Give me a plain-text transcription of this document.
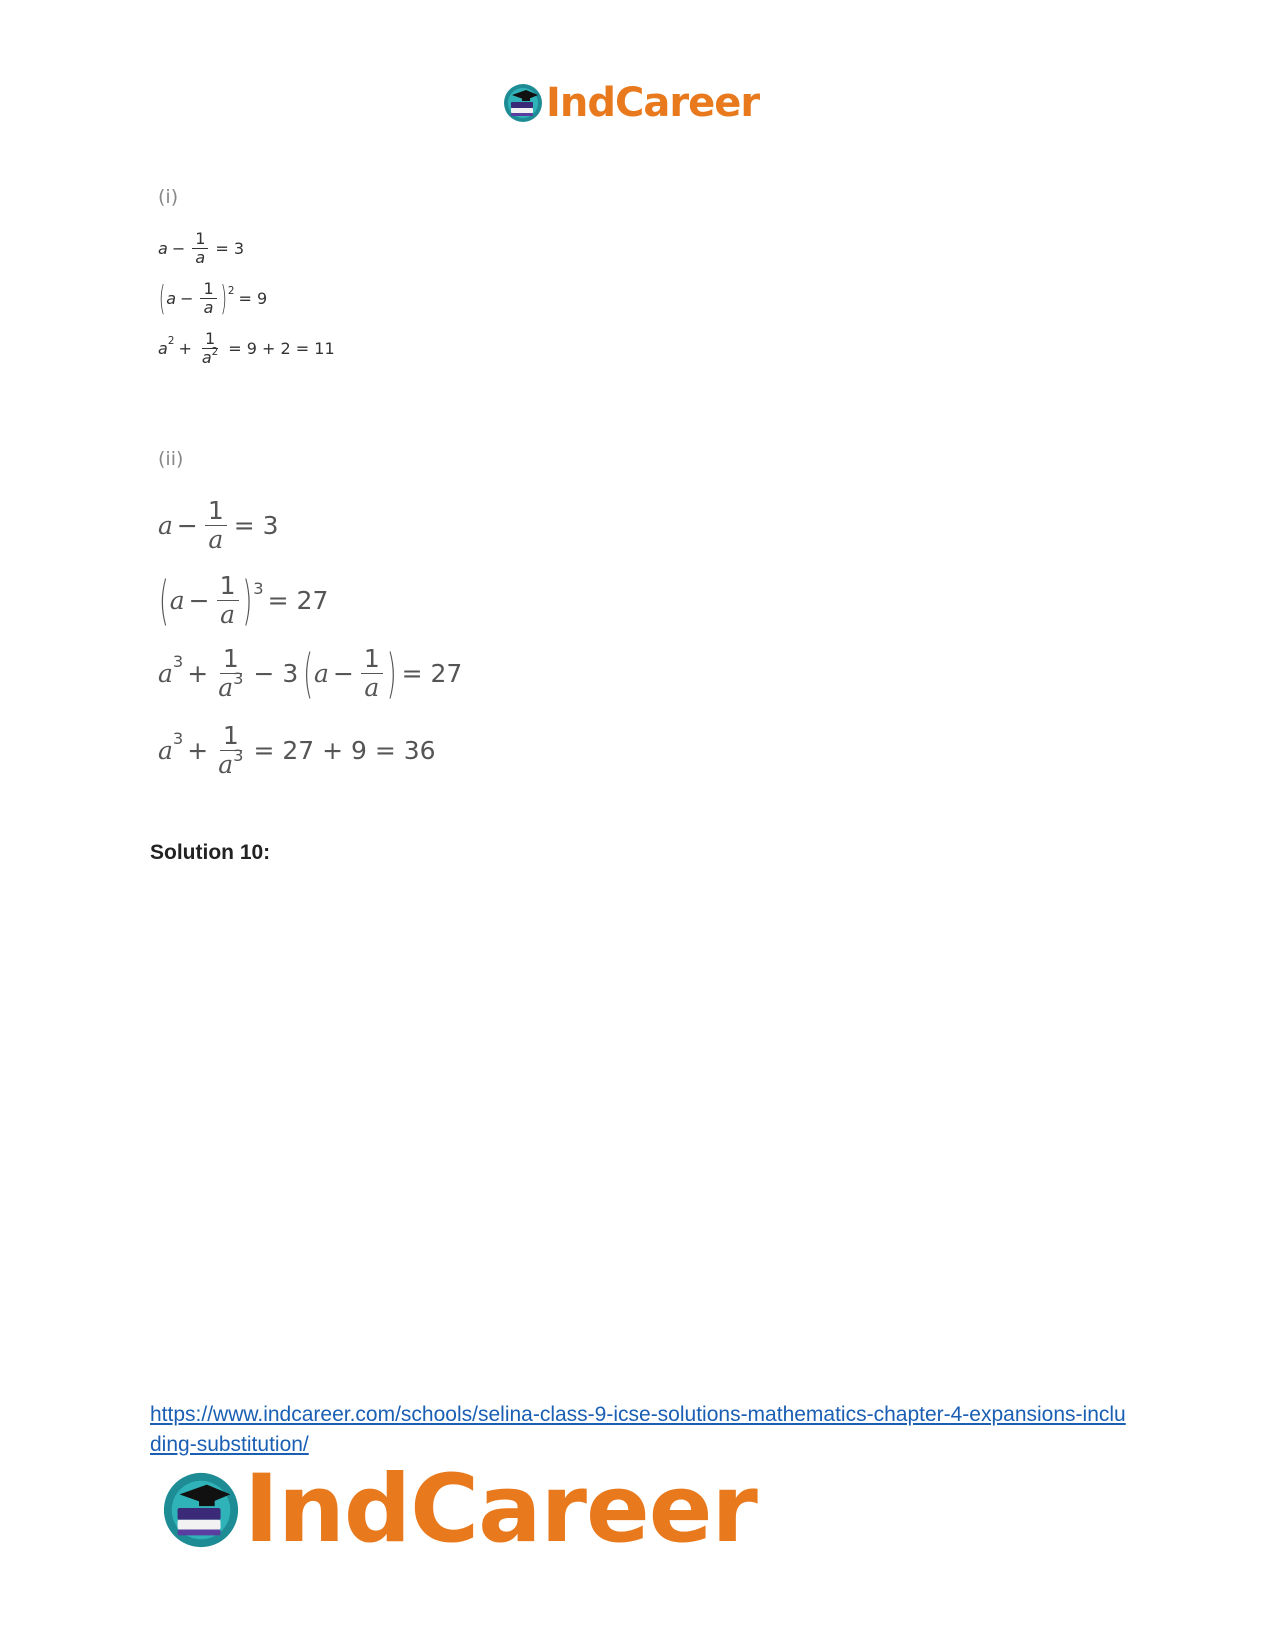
IndCareer
(i)
$a - \frac{1}{a} = 3$
( $a - \frac{1}{a}$ ) 2 = 9
a $2 + \frac{1}{a^2} = 9 + 2 = 11$
(ii)
$a - \frac{1}{a} = 3$
( $a - \frac{1}{a}$ ) 3 = 27
a $3 + \frac{1}{a^3} - 3$ ( $a - \frac{1}{a}$ ) = 27
a $3 + \frac{1}{a^3} = 27 + 9 = 36$
Solution 10:
https://www.indcareer.com/schools/selina-class-9-icse-solutions-mathematics-chapter-4-expansions-including-substitution/
IndCareer
